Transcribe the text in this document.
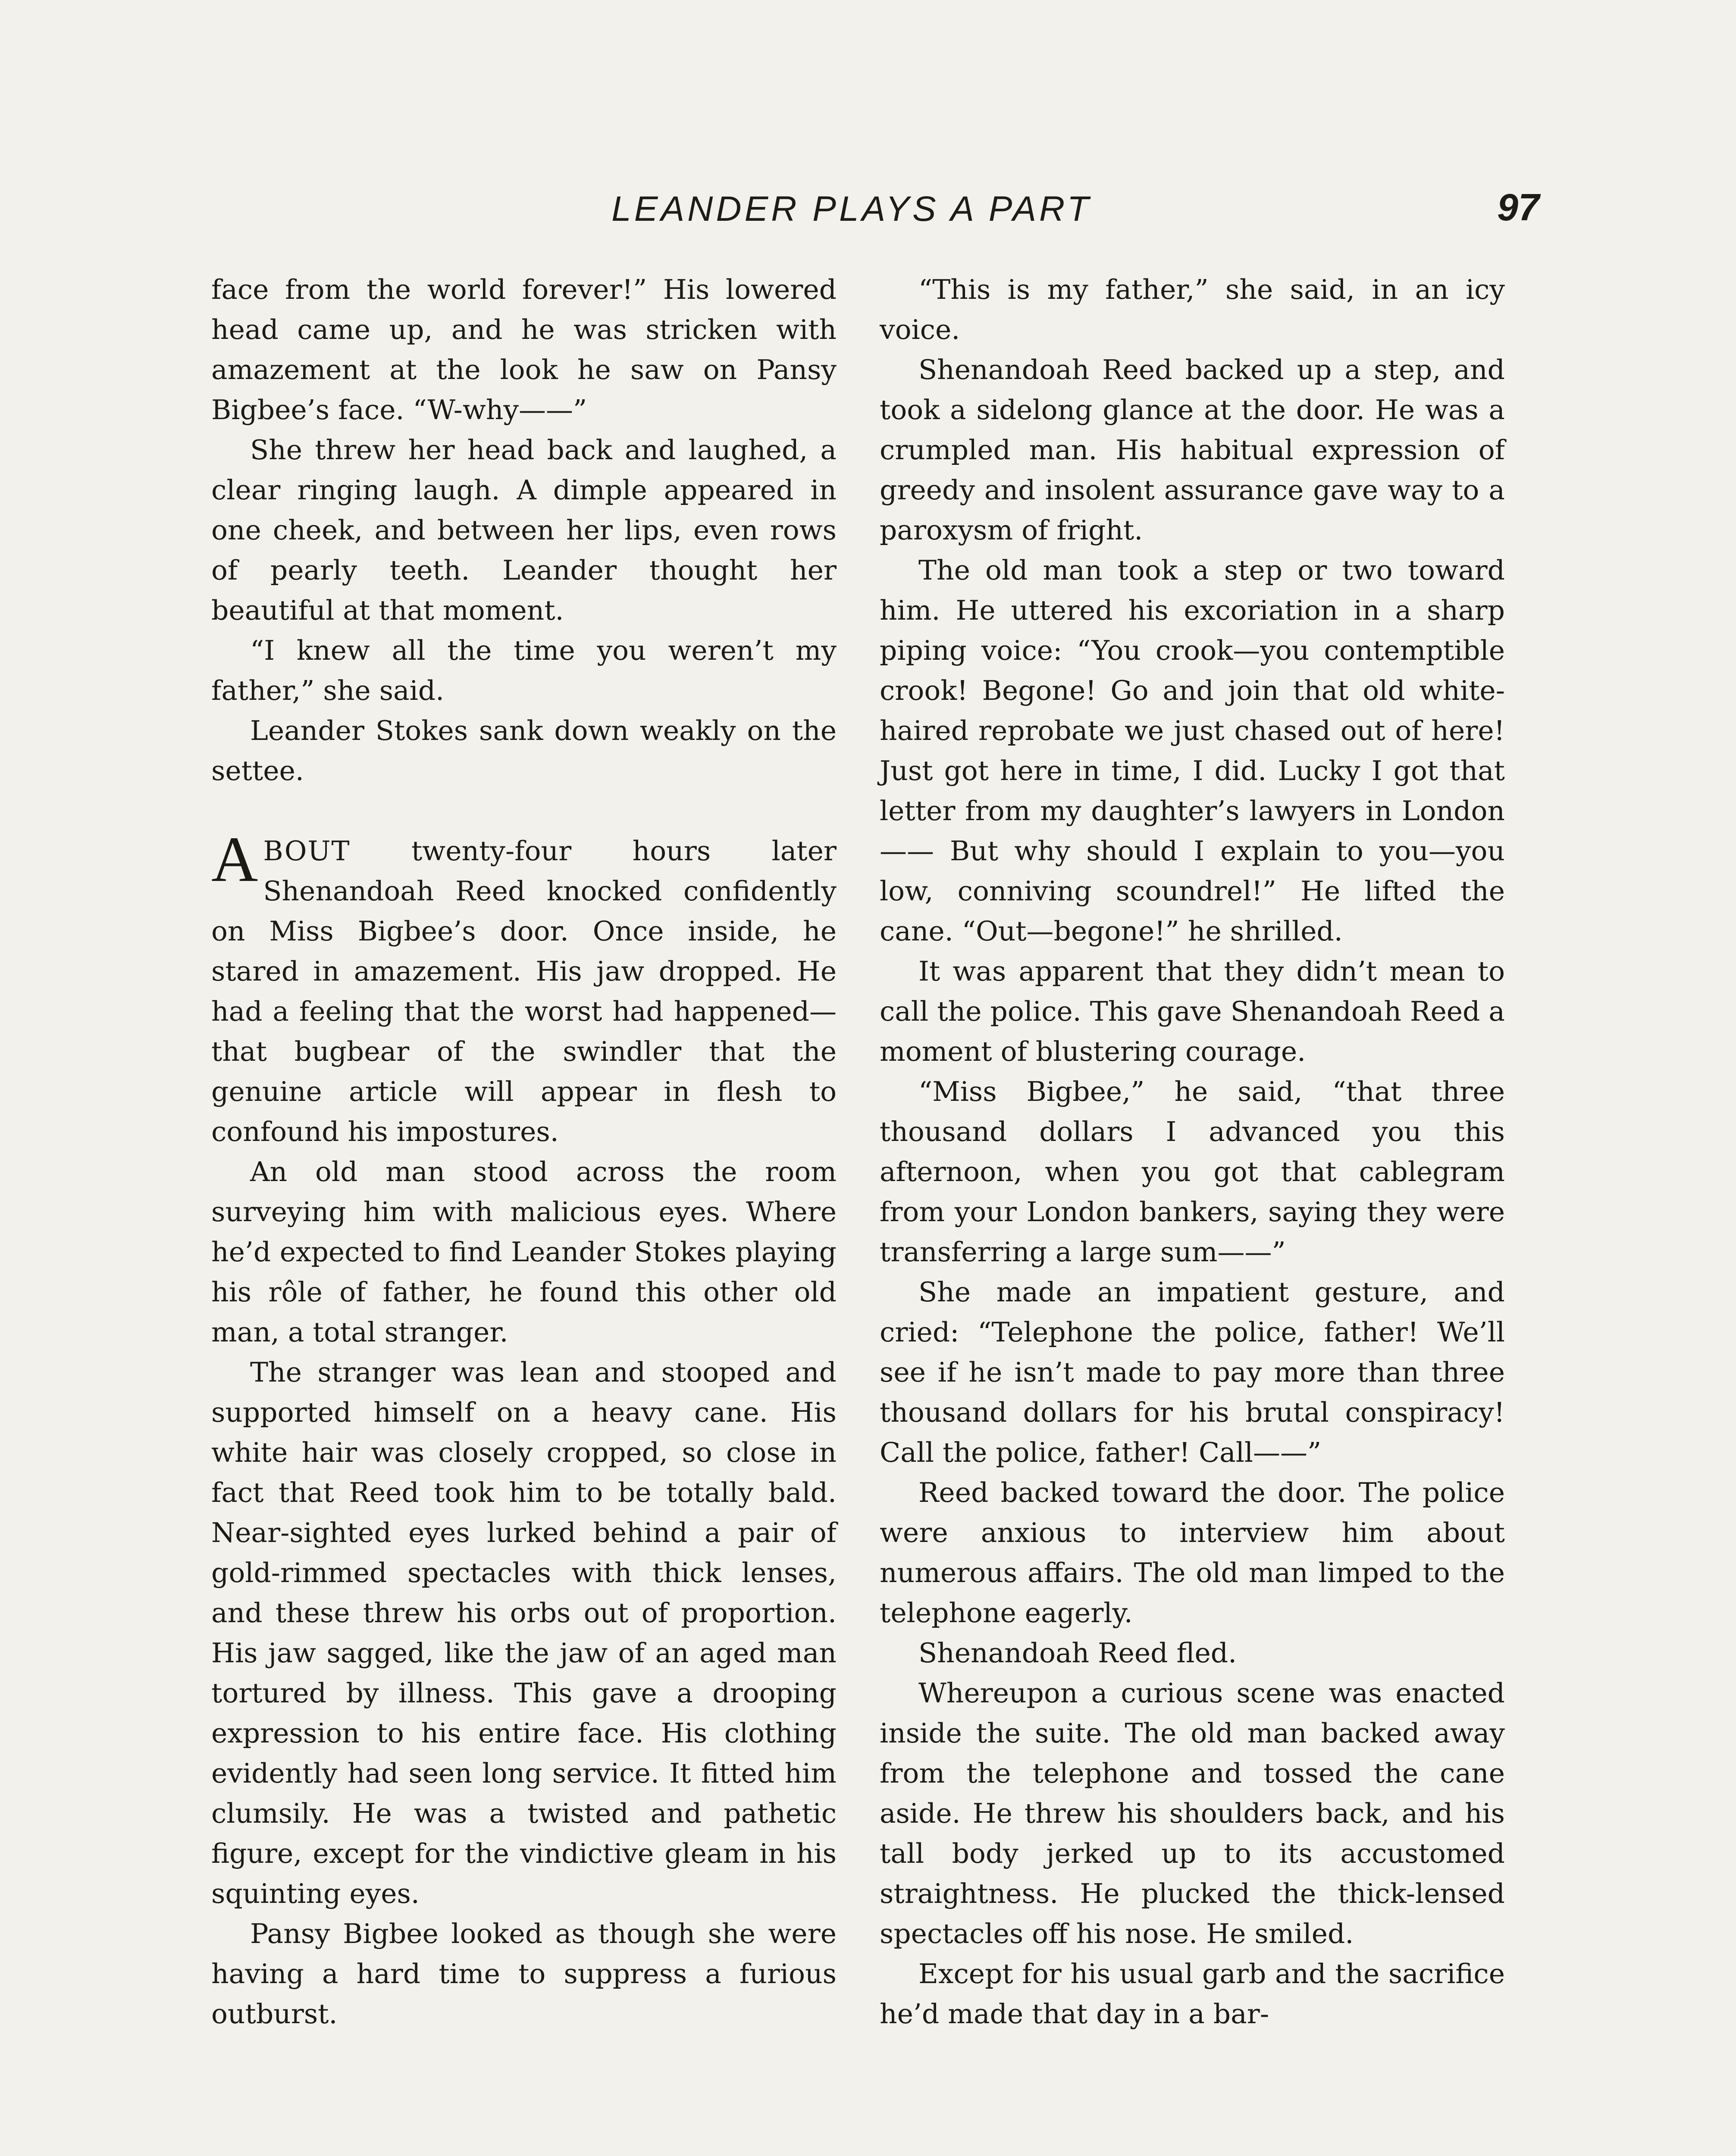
LEANDER PLAYS A PART	97

face from the world forever!” His lowered head came up, and he was stricken with amazement at the look he saw on Pansy Bigbee’s face. “W-why——”

She threw her head back and laughed, a clear ringing laugh. A dimple appeared in one cheek, and between her lips, even rows of pearly teeth. Leander thought her beautiful at that moment.

“I knew all the time you weren’t my father,” she said.

Leander Stokes sank down weakly on the settee.

ABOUT twenty-four hours later Shenandoah Reed knocked confidently on Miss Bigbee’s door. Once inside, he stared in amazement. His jaw dropped. He had a feeling that the worst had happened—that bugbear of the swindler that the genuine article will appear in flesh to confound his impostures.

An old man stood across the room surveying him with malicious eyes. Where he’d expected to find Leander Stokes playing his rôle of father, he found this other old man, a total stranger.

The stranger was lean and stooped and supported himself on a heavy cane. His white hair was closely cropped, so close in fact that Reed took him to be totally bald. Near-sighted eyes lurked behind a pair of gold-rimmed spectacles with thick lenses, and these threw his orbs out of proportion. His jaw sagged, like the jaw of an aged man tortured by illness. This gave a drooping expression to his entire face. His clothing evidently had seen long service. It fitted him clumsily. He was a twisted and pathetic figure, except for the vindictive gleam in his squinting eyes.

Pansy Bigbee looked as though she were having a hard time to suppress a furious outburst.

“This is my father,” she said, in an icy voice.

Shenandoah Reed backed up a step, and took a sidelong glance at the door. He was a crumpled man. His habitual expression of greedy and insolent assurance gave way to a paroxysm of fright.

The old man took a step or two toward him. He uttered his excoriation in a sharp piping voice: “You crook—you contemptible crook! Begone! Go and join that old white-haired reprobate we just chased out of here! Just got here in time, I did. Lucky I got that letter from my daughter’s lawyers in London—— But why should I explain to you—you low, conniving scoundrel!” He lifted the cane. “Out—begone!” he shrilled.

It was apparent that they didn’t mean to call the police. This gave Shenandoah Reed a moment of blustering courage.

“Miss Bigbee,” he said, “that three thousand dollars I advanced you this afternoon, when you got that cablegram from your London bankers, saying they were transferring a large sum——”

She made an impatient gesture, and cried: “Telephone the police, father! We’ll see if he isn’t made to pay more than three thousand dollars for his brutal conspiracy! Call the police, father! Call——”

Reed backed toward the door. The police were anxious to interview him about numerous affairs. The old man limped to the telephone eagerly.

Shenandoah Reed fled.

Whereupon a curious scene was enacted inside the suite. The old man backed away from the telephone and tossed the cane aside. He threw his shoulders back, and his tall body jerked up to its accustomed straightness. He plucked the thick-lensed spectacles off his nose. He smiled.

Except for his usual garb and the sacrifice he’d made that day in a bar-
